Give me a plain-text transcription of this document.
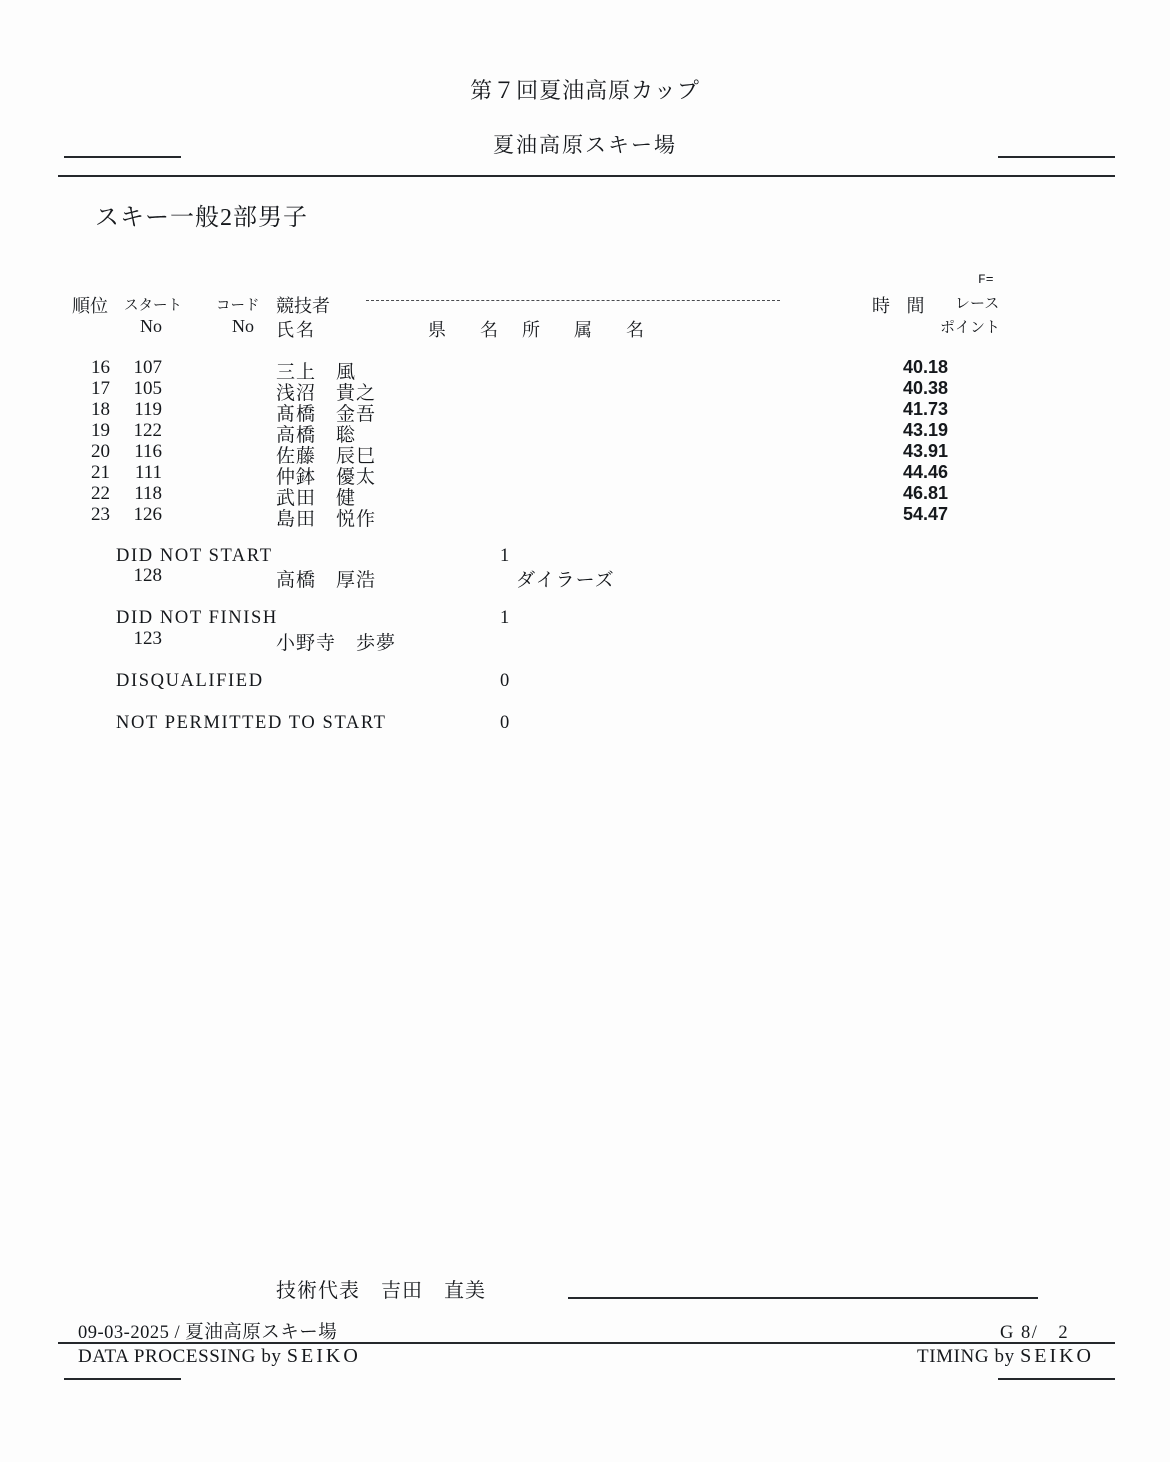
第７回夏油高原カップ
夏油高原スキー場
スキー一般2部男子
F=
順位 スタート コード 競技者	時 間 レース
No	No 氏名	県　名 所　属　名	ポイント
16	107	三上　風	40.18
17	105	浅沼　貴之	40.38
18	119	髙橋　金吾	41.73
19	122	高橋　聡	43.19
20	116	佐藤　辰巳	43.91
21	111	仲鉢　優太	44.46
22	118	武田　健	46.81
23	126	島田　悦作	54.47
DID NOT START	1
128	高橋　厚浩	ダイラーズ
DID NOT FINISH	1
123	小野寺　歩夢
DISQUALIFIED	0
NOT PERMITTED TO START	0
技術代表　吉田　直美
09-03-2025 / 夏油高原スキー場	G 8/　2
DATA PROCESSING by SEIKO	TIMING by SEIKO
